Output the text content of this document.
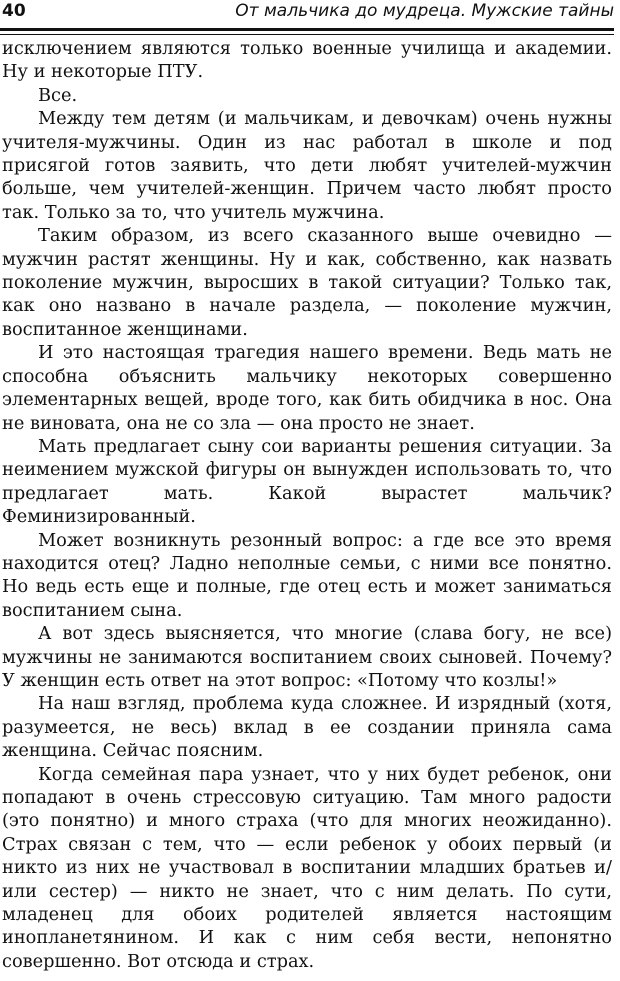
40	От мальчика до мудреца. Мужские тайны

исключением являются только военные училища и академии. Ну и некоторые ПТУ.

Все.

Между тем детям (и мальчикам, и девочкам) очень нужны учителя-мужчины. Один из нас работал в школе и под присягой готов заявить, что дети любят учителей-мужчин больше, чем учителей-женщин. Причем часто любят просто так. Только за то, что учитель мужчина.

Таким образом, из всего сказанного выше очевидно — мужчин растят женщины. Ну и как, собственно, как назвать поколение мужчин, выросших в такой ситуации? Только так, как оно названо в начале раздела, — поколение мужчин, воспитанное женщинами.

И это настоящая трагедия нашего времени. Ведь мать не способна объяснить мальчику некоторых совершенно элементарных вещей, вроде того, как бить обидчика в нос. Она не виновата, она не со зла — она просто не знает.

Мать предлагает сыну сои варианты решения ситуации. За неимением мужской фигуры он вынужден использовать то, что предлагает мать. Какой вырастет мальчик? Феминизированный.

Может возникнуть резонный вопрос: а где все это время находится отец? Ладно неполные семьи, с ними все понятно. Но ведь есть еще и полные, где отец есть и может заниматься воспитанием сына.

А вот здесь выясняется, что многие (слава богу, не все) мужчины не занимаются воспитанием своих сыновей. Почему? У женщин есть ответ на этот вопрос: «Потому что козлы!»

На наш взгляд, проблема куда сложнее. И изрядный (хотя, разумеется, не весь) вклад в ее создании приняла сама женщина. Сейчас поясним.

Когда семейная пара узнает, что у них будет ребенок, они попадают в очень стрессовую ситуацию. Там много радости (это понятно) и много страха (что для многих неожиданно). Страх связан с тем, что — если ребенок у обоих первый (и никто из них не участвовал в воспитании младших братьев и/или сестер) — никто не знает, что с ним делать. По сути, младенец для обоих родителей является настоящим инопланетянином. И как с ним себя вести, непонятно совершенно. Вот отсюда и страх.
